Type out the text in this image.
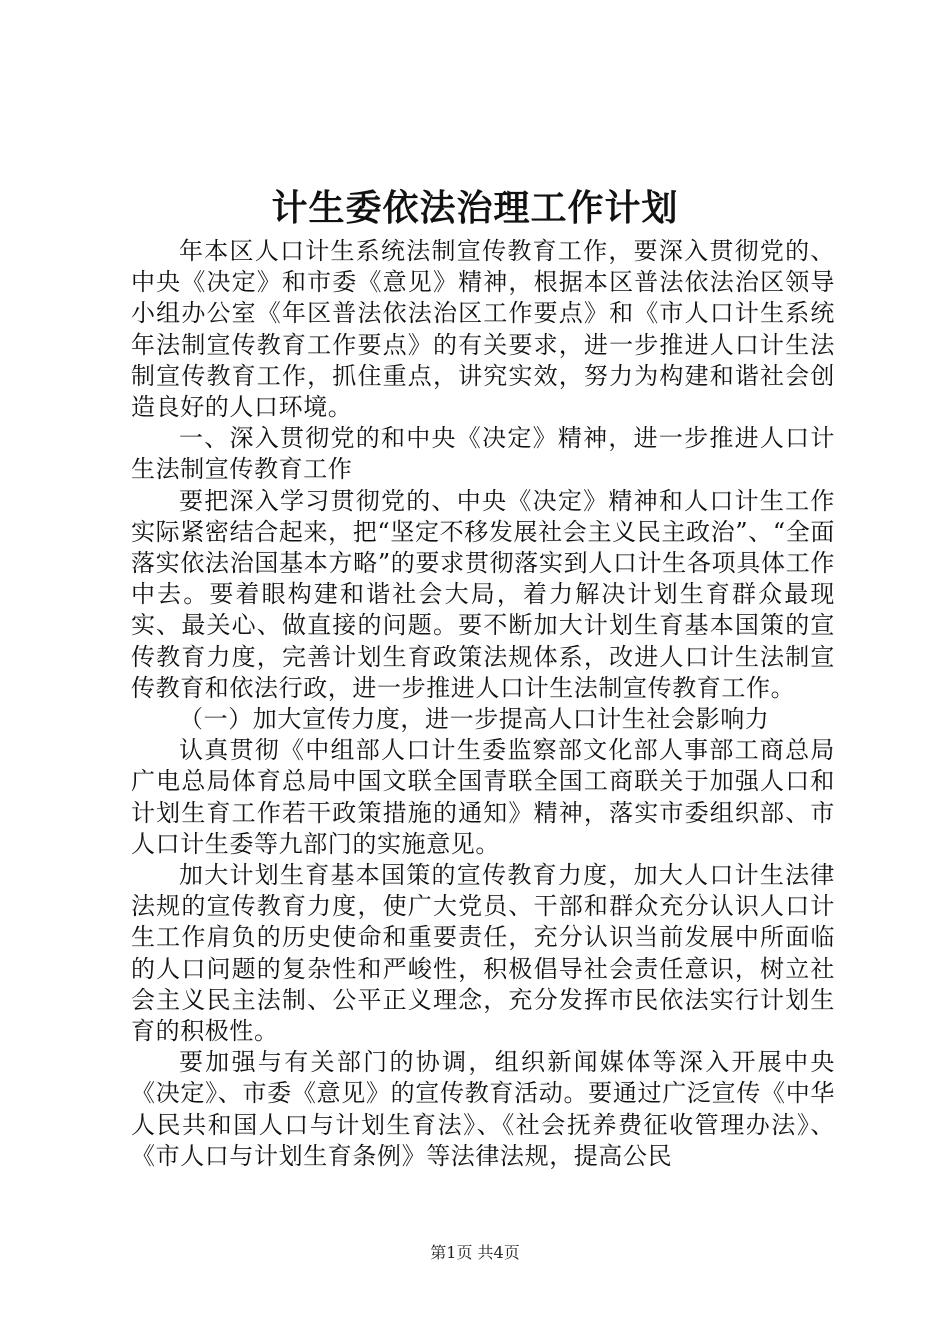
计生委依法治理工作计划

年本区人口计生系统法制宣传教育工作，要深入贯彻党的、中央《决定》和市委《意见》精神，根据本区普法依法治区领导小组办公室《年区普法依法治区工作要点》和《市人口计生系统年法制宣传教育工作要点》的有关要求，进一步推进人口计生法制宣传教育工作，抓住重点，讲究实效，努力为构建和谐社会创造良好的人口环境。

一、深入贯彻党的和中央《决定》精神，进一步推进人口计生法制宣传教育工作

要把深入学习贯彻党的、中央《决定》精神和人口计生工作实际紧密结合起来，把“坚定不移发展社会主义民主政治”、“全面落实依法治国基本方略”的要求贯彻落实到人口计生各项具体工作中去。要着眼构建和谐社会大局，着力解决计划生育群众最现实、最关心、做直接的问题。要不断加大计划生育基本国策的宣传教育力度，完善计划生育政策法规体系，改进人口计生法制宣传教育和依法行政，进一步推进人口计生法制宣传教育工作。

（一）加大宣传力度，进一步提高人口计生社会影响力

认真贯彻《中组部人口计生委监察部文化部人事部工商总局广电总局体育总局中国文联全国青联全国工商联关于加强人口和计划生育工作若干政策措施的通知》精神，落实市委组织部、市人口计生委等九部门的实施意见。

加大计划生育基本国策的宣传教育力度，加大人口计生法律法规的宣传教育力度，使广大党员、干部和群众充分认识人口计生工作肩负的历史使命和重要责任，充分认识当前发展中所面临的人口问题的复杂性和严峻性，积极倡导社会责任意识，树立社会主义民主法制、公平正义理念，充分发挥市民依法实行计划生育的积极性。

要加强与有关部门的协调，组织新闻媒体等深入开展中央《决定》、市委《意见》的宣传教育活动。要通过广泛宣传《中华人民共和国人口与计划生育法》、《社会抚养费征收管理办法》、《市人口与计划生育条例》等法律法规，提高公民

第1页 共4页
